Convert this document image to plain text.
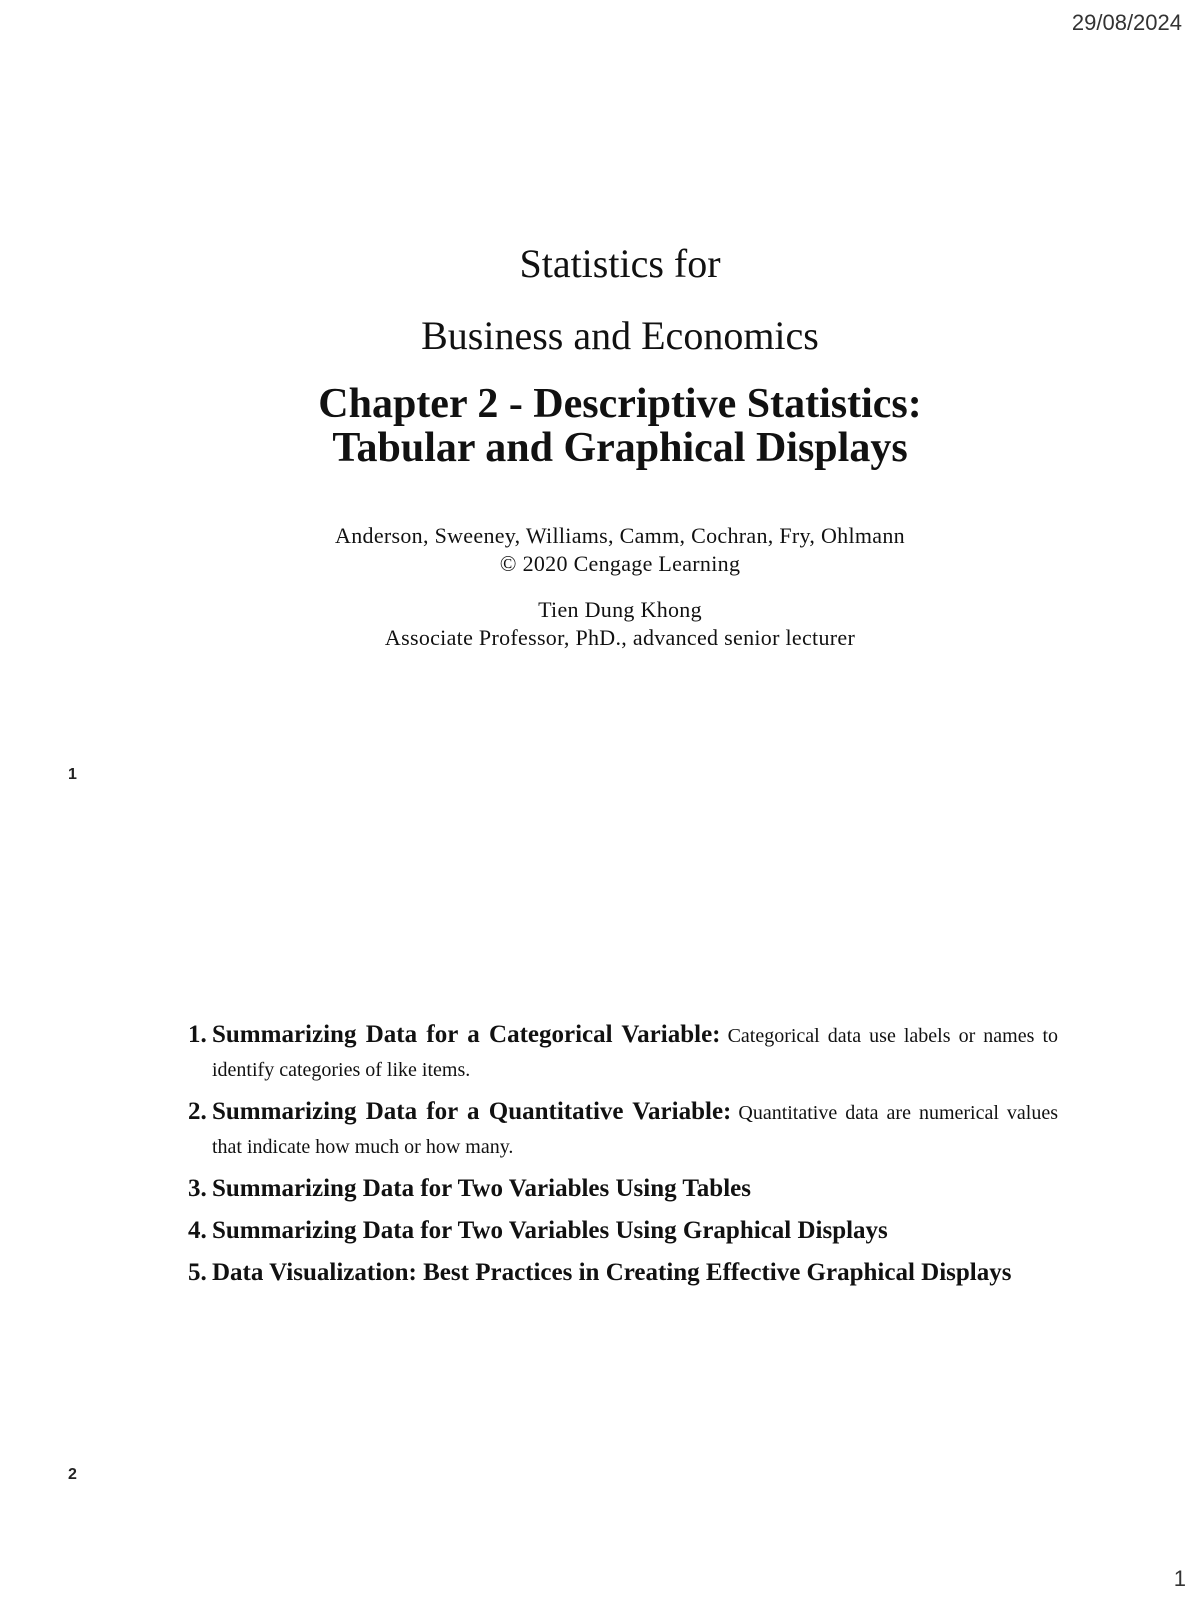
29/08/2024

Statistics for

Business and Economics

Chapter 2 - Descriptive Statistics:
Tabular and Graphical Displays
Anderson, Sweeney, Williams, Camm, Cochran, Fry, Ohlmann
© 2020 Cengage Learning
Tien Dung Khong
Associate Professor, PhD., advanced senior lecturer
1
1. Summarizing Data for a Categorical Variable: Categorical data use labels or names to identify categories of like items.
2. Summarizing Data for a Quantitative Variable: Quantitative data are numerical values that indicate how much or how many.
3. Summarizing Data for Two Variables Using Tables
4. Summarizing Data for Two Variables Using Graphical Displays
5. Data Visualization: Best Practices in Creating Effective Graphical Displays
2
1
